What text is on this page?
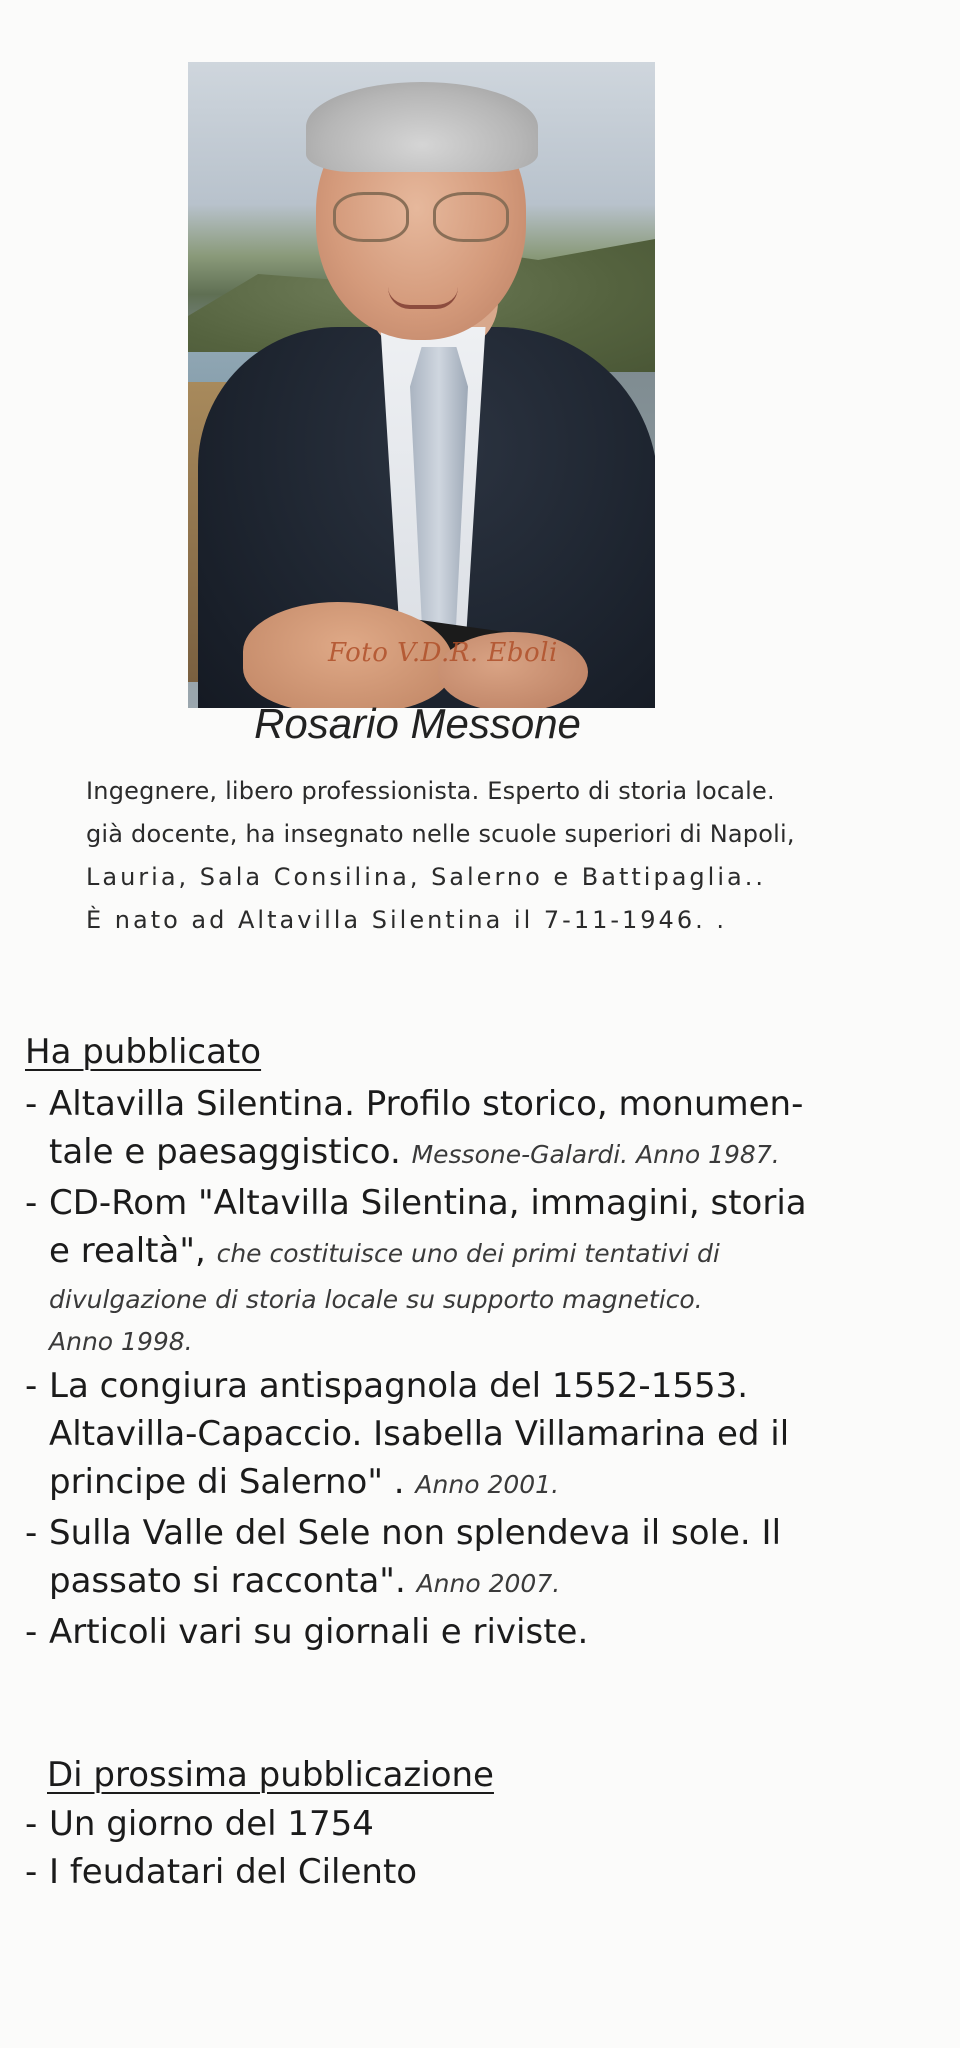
Foto V.D.R. Eboli
Rosario Messone
Ingegnere, libero professionista. Esperto di storia locale.
già docente, ha insegnato nelle scuole superiori di Napoli,
Lauria, Sala Consilina, Salerno e Battipaglia..
È nato ad Altavilla Silentina il 7-11-1946. .
Ha pubblicato
- Altavilla Silentina. Profilo storico, monumen-
tale e paesaggistico. Messone-Galardi. Anno 1987.
- CD-Rom "Altavilla Silentina, immagini, storia
e realtà", che costituisce uno dei primi tentativi di
divulgazione di storia locale su supporto magnetico.
Anno 1998.
- La congiura antispagnola del 1552-1553.
Altavilla-Capaccio. Isabella Villamarina ed il
principe di Salerno" . Anno 2001.
- Sulla Valle del Sele non splendeva il sole. Il
passato si racconta". Anno 2007.
- Articoli vari su giornali e riviste.
Di prossima pubblicazione
- Un giorno del 1754
- I feudatari del Cilento
